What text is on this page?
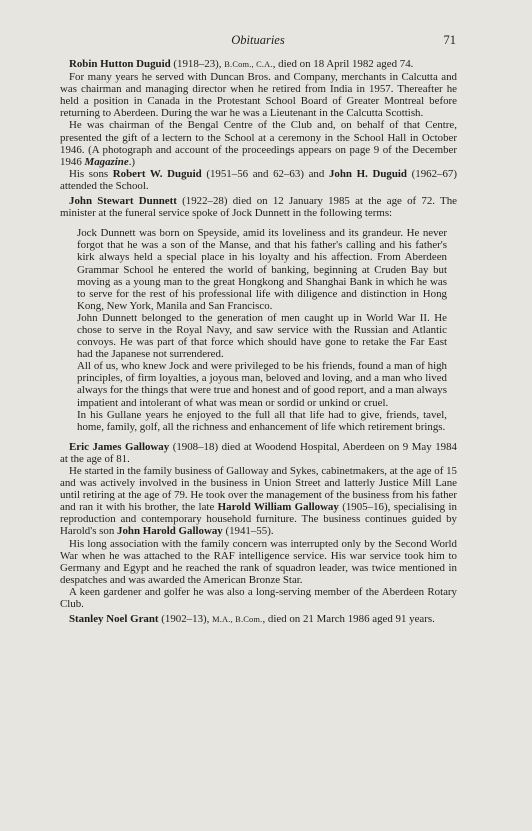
Obituaries	71

Robin Hutton Duguid (1918–23), B.Com., C.A., died on 18 April 1982 aged 74.

For many years he served with Duncan Bros. and Company, merchants in Calcutta and was chairman and managing director when he retired from India in 1957. Thereafter he held a position in Canada in the Protestant School Board of Greater Montreal before returning to Aberdeen. During the war he was a Lieutenant in the Calcutta Scottish.

He was chairman of the Bengal Centre of the Club and, on behalf of that Centre, presented the gift of a lectern to the School at a ceremony in the School Hall in October 1946. (A photograph and account of the proceedings appears on page 9 of the December 1946 Magazine.)

His sons Robert W. Duguid (1951–56 and 62–63) and John H. Duguid (1962–67) attended the School.

John Stewart Dunnett (1922–28) died on 12 January 1985 at the age of 72. The minister at the funeral service spoke of Jock Dunnett in the following terms:

Jock Dunnett was born on Speyside, amid its loveliness and its grandeur. He never forgot that he was a son of the Manse, and that his father's calling and his father's kirk always held a special place in his loyalty and his affection. From Aberdeen Grammar School he entered the world of banking, beginning at Cruden Bay but moving as a young man to the great Hongkong and Shanghai Bank in which he was to serve for the rest of his professional life with diligence and distinction in Hong Kong, New York, Manila and San Francisco.

John Dunnett belonged to the generation of men caught up in World War II. He chose to serve in the Royal Navy, and saw service with the Russian and Atlantic convoys. He was part of that force which should have gone to retake the Far East had the Japanese not surrendered.

All of us, who knew Jock and were privileged to be his friends, found a man of high principles, of firm loyalties, a joyous man, beloved and loving, and a man who lived always for the things that were true and honest and of good report, and a man always impatient and intolerant of what was mean or sordid or unkind or cruel.

In his Gullane years he enjoyed to the full all that life had to give, friends, tavel, home, family, golf, all the richness and enhancement of life which retirement brings.

Eric James Galloway (1908–18) died at Woodend Hospital, Aberdeen on 9 May 1984 at the age of 81.

He started in the family business of Galloway and Sykes, cabinetmakers, at the age of 15 and was actively involved in the business in Union Street and latterly Justice Mill Lane until retiring at the age of 79. He took over the management of the business from his father and ran it with his brother, the late Harold William Galloway (1905–16), specialising in reproduction and contemporary household furniture. The business continues guided by Harold's son John Harold Galloway (1941–55).

His long association with the family concern was interrupted only by the Second World War when he was attached to the RAF intelligence service. His war service took him to Germany and Egypt and he reached the rank of squadron leader, was twice mentioned in despatches and was awarded the American Bronze Star.

A keen gardener and golfer he was also a long-serving member of the Aberdeen Rotary Club.

Stanley Noel Grant (1902–13), M.A., B.Com., died on 21 March 1986 aged 91 years.
